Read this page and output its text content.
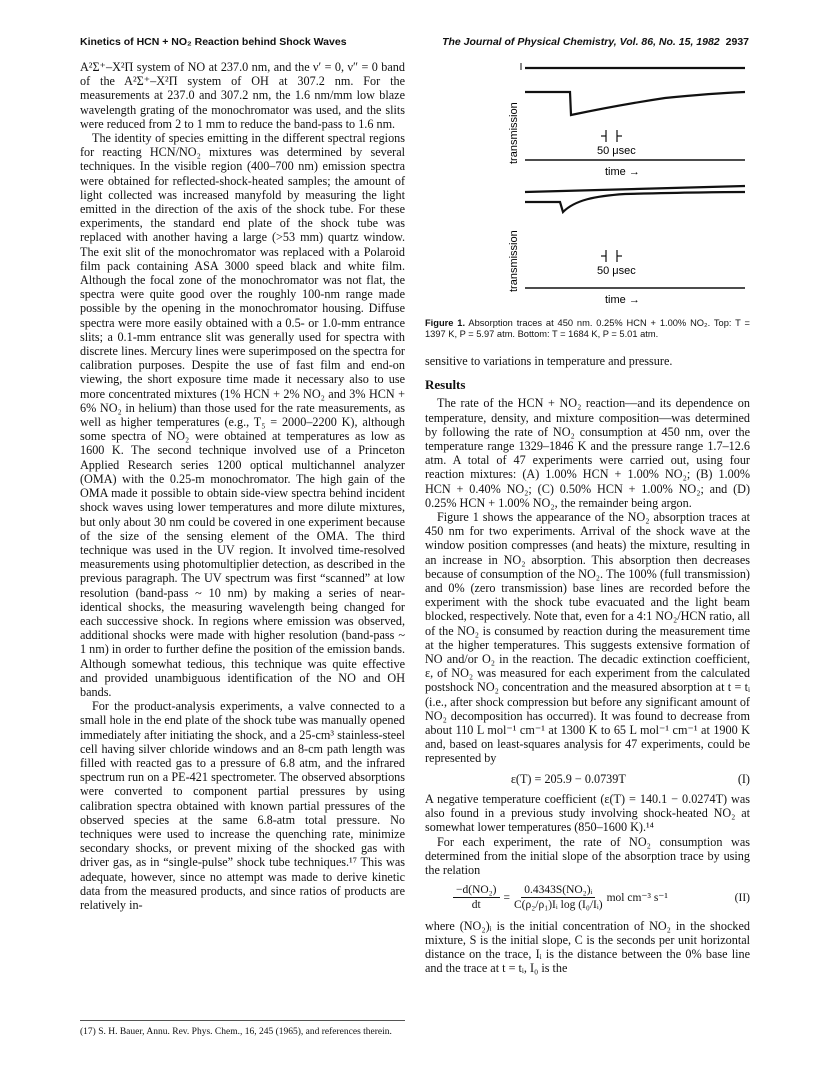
Kinetics of HCN + NO₂ Reaction behind Shock Waves	The Journal of Physical Chemistry, Vol. 86, No. 15, 1982 2937

A²Σ⁺–X²Π system of NO at 237.0 nm, and the ν′ = 0, ν″ = 0 band of the A²Σ⁺–X²Π system of OH at 307.2 nm. For the measurements at 237.0 and 307.2 nm, the 1.6 nm/mm low blaze wavelength grating of the monochromator was used, and the slits were reduced from 2 to 1 mm to reduce the band-pass to 1.6 nm.

The identity of species emitting in the different spectral regions for reacting HCN/NO₂ mixtures was determined by several techniques. In the visible region (400–700 nm) emission spectra were obtained for reflected-shock-heated samples; the amount of light collected was increased manyfold by measuring the light emitted in the direction of the axis of the shock tube. For these experiments, the standard end plate of the shock tube was replaced with another having a large (>53 mm) quartz window. The exit slit of the monochromator was replaced with a Polaroid film pack containing ASA 3000 speed black and white film. Although the focal zone of the monochromator was not flat, the spectra were quite good over the roughly 100-nm range made possible by the opening in the monochromator housing. Diffuse spectra were more easily obtained with a 0.5- or 1.0-mm entrance slits; a 0.1-mm entrance slit was generally used for spectra with discrete lines. Mercury lines were superimposed on the spectra for calibration purposes. Despite the use of fast film and end-on viewing, the short exposure time made it necessary also to use more concentrated mixtures (1% HCN + 2% NO₂ and 3% HCN + 6% NO₂ in helium) than those used for the rate measurements, as well as higher temperatures (e.g., T₅ = 2000–2200 K), although some spectra of NO₂ were obtained at temperatures as low as 1600 K. The second technique involved use of a Princeton Applied Research series 1200 optical multichannel analyzer (OMA) with the 0.25-m monochromator. The high gain of the OMA made it possible to obtain side-view spectra behind incident shock waves using lower temperatures and more dilute mixtures, but only about 30 nm could be covered in one experiment because of the size of the sensing element of the OMA. The third technique was used in the UV region. It involved time-resolved measurements using photomultiplier detection, as described in the previous paragraph. The UV spectrum was first “scanned” at low resolution (band-pass ~ 10 nm) by making a series of near-identical shocks, the measuring wavelength being changed for each successive shock. In regions where emission was observed, additional shocks were made with higher resolution (band-pass ~ 1 nm) in order to further define the position of the emission bands. Although somewhat tedious, this technique was quite effective and provided unambiguous identification of the NO and OH bands.

For the product-analysis experiments, a valve connected to a small hole in the end plate of the shock tube was manually opened immediately after initiating the shock, and a 25-cm³ stainless-steel cell having silver chloride windows and an 8-cm path length was filled with reacted gas to a pressure of 6.8 atm, and the infrared spectrum run on a PE-421 spectrometer. The observed absorptions were converted to component partial pressures by using calibration spectra obtained with known partial pressures of the observed species at the same 6.8-atm total pressure. No techniques were used to increase the quenching rate, minimize secondary shocks, or prevent mixing of the shocked gas with driver gas, as in “single-pulse” shock tube techniques.¹⁷ This was adequate, however, since no attempt was made to derive kinetic data from the measured products, and since ratios of products are relatively in-

(17) S. H. Bauer, Annu. Rev. Phys. Chem., 16, 245 (1965), and references therein.
50 μsec
time →
transmission
50 μsec
time →
transmission
Figure 1. Absorption traces at 450 nm. 0.25% HCN + 1.00% NO₂. Top: T = 1397 K, P = 5.97 atm. Bottom: T = 1684 K, P = 5.01 atm.

sensitive to variations in temperature and pressure.

Results

The rate of the HCN + NO₂ reaction—and its dependence on temperature, density, and mixture composition—was determined by following the rate of NO₂ consumption at 450 nm, over the temperature range 1329–1846 K and the pressure range 1.7–12.6 atm. A total of 47 experiments were carried out, using four reaction mixtures: (A) 1.00% HCN + 1.00% NO₂; (B) 1.00% HCN + 0.40% NO₂; (C) 0.50% HCN + 1.00% NO₂; and (D) 0.25% HCN + 1.00% NO₂, the remainder being argon.

Figure 1 shows the appearance of the NO₂ absorption traces at 450 nm for two experiments. Arrival of the shock wave at the window position compresses (and heats) the mixture, resulting in an increase in NO₂ absorption. This absorption then decreases because of consumption of the NO₂. The 100% (full transmission) and 0% (zero transmission) base lines are recorded before the experiment with the shock tube evacuated and the light beam blocked, respectively. Note that, even for a 4:1 NO₂/HCN ratio, all of the NO₂ is consumed by reaction during the measurement time at the higher temperatures. This suggests extensive formation of NO and/or O₂ in the reaction. The decadic extinction coefficient, ε, of NO₂ was measured for each experiment from the calculated postshock NO₂ concentration and the measured absorption at t = tᵢ (i.e., after shock compression but before any significant amount of NO₂ decomposition has occurred). It was found to decrease from about 110 L mol⁻¹ cm⁻¹ at 1300 K to 65 L mol⁻¹ cm⁻¹ at 1900 K and, based on least-squares analysis for 47 experiments, could be represented by

ε(T) = 205.9 − 0.0739T	(I)

A negative temperature coefficient (ε(T) = 140.1 − 0.0274T) was also found in a previous study involving shock-heated NO₂ at somewhat lower temperatures (850–1600 K).¹⁴

For each experiment, the rate of NO₂ consumption was determined from the initial slope of the absorption trace by using the relation

$\frac{\text{−d(NO₂)}}{dt} = \frac{\text{0.4343S(NO₂)ᵢ}}{\text{C(ρ₂/ρ₁)Iᵢ log (I₀/Iᵢ)}}$ mol cm⁻³ s⁻¹	(II)

where (NO₂)ᵢ is the initial concentration of NO₂ in the shocked mixture, S is the initial slope, C is the seconds per unit horizontal distance on the trace, Iᵢ is the distance between the 0% base line and the trace at t = tᵢ, I₀ is the
